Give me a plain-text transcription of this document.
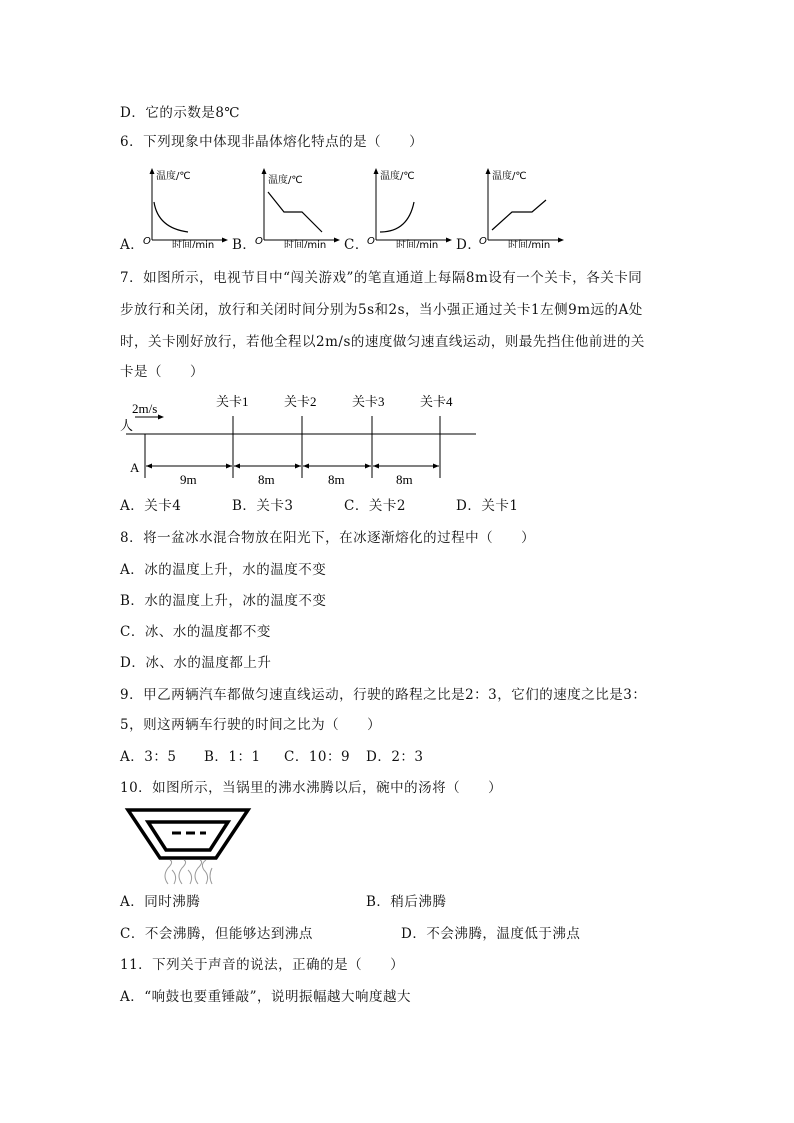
D．它的示数是8℃
6．下列现象中体现非晶体熔化特点的是（　　）
A．	B．	C．	D．
温度/℃
时间/min
O
温度/℃
时间/min
O
温度/℃
时间/min
O
温度/℃
时间/min
O
7．如图所示，电视节目中“闯关游戏”的笔直通道上每隔8m设有一个关卡，各关卡同
步放行和关闭，放行和关闭时间分别为5s和2s，当小强正通过关卡1左侧9m远的A处
时，关卡刚好放行，若他全程以2m/s的速度做匀速直线运动，则最先挡住他前进的关
卡是（　　）
2m/s
人
A
关卡1	关卡2	关卡3	关卡4
9m	8m	8m	8m
A．关卡4	B．关卡3	C．关卡2	D．关卡1
8．将一盆冰水混合物放在阳光下，在冰逐渐熔化的过程中（　　）
A．冰的温度上升，水的温度不变
B．水的温度上升，冰的温度不变
C．冰、水的温度都不变
D．冰、水的温度都上升
9．甲乙两辆汽车都做匀速直线运动，行驶的路程之比是2：3，它们的速度之比是3：
5，则这两辆车行驶的时间之比为（　　）
A．3：5 B．1：1 C．10：9 D．2：3
10．如图所示，当锅里的沸水沸腾以后，碗中的汤将（　　）
A．同时沸腾	B．稍后沸腾
C．不会沸腾，但能够达到沸点	D．不会沸腾，温度低于沸点
11．下列关于声音的说法，正确的是（　　）
A．“响鼓也要重锤敲”，说明振幅越大响度越大
